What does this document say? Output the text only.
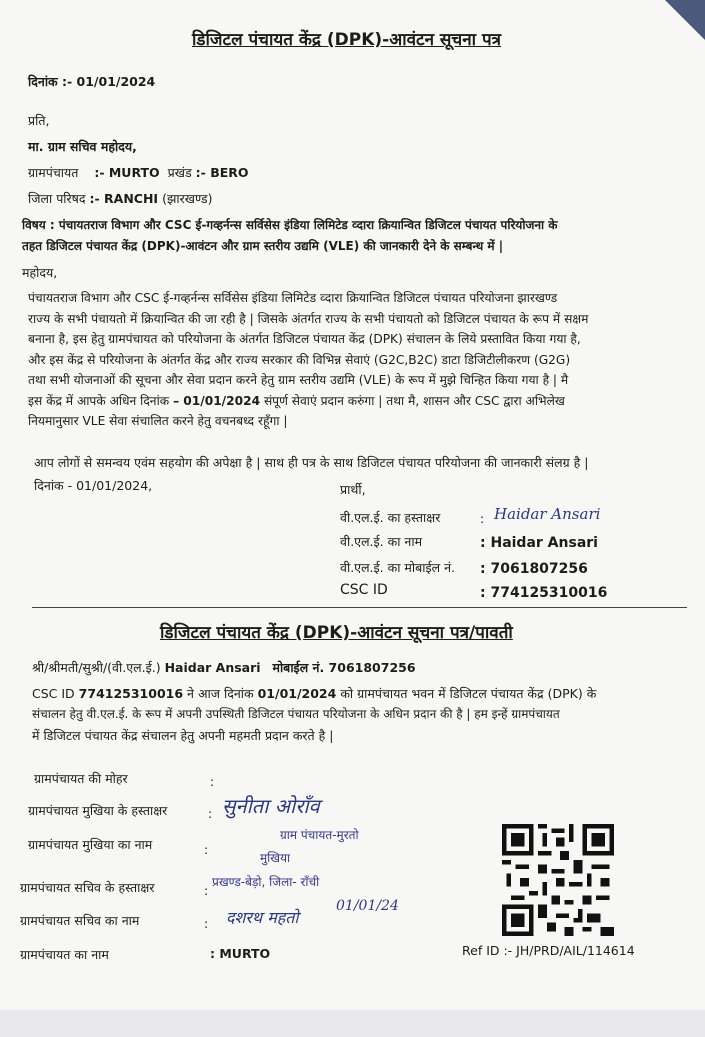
डिजिटल पंचायत केंद्र (DPK)-आवंटन सूचना पत्र
दिनांक :- 01/01/2024
प्रति,
मा. ग्राम सचिव महोदय,
ग्रामपंचायत :- MURTO प्रखंड :- BERO
जिला परिषद :- RANCHI (झारखण्ड)
विषय : पंचायतराज विभाग और CSC ई-गव्हर्नन्स सर्विसेस इंडिया लिमिटेड व्दारा क्रियान्वित डिजिटल पंचायत परियोजना के
तहत डिजिटल पंचायत केंद्र (DPK)-आवंटन और ग्राम स्तरीय उद्यमि (VLE) की जानकारी देने के सम्बन्ध में |
महोदय,
पंचायतराज विभाग और CSC ई-गव्हर्नन्स सर्विसेस इंडिया लिमिटेड व्दारा क्रियान्वित डिजिटल पंचायत परियोजना झारखण्ड
राज्य के सभी पंचायतो में क्रियान्वित की जा रही है | जिसके अंतर्गत राज्य के सभी पंचायतो को डिजिटल पंचायत के रूप में सक्षम
बनाना है, इस हेतु ग्रामपंचायत को परियोजना के अंतर्गत डिजिटल पंचायत केंद्र (DPK) संचालन के लिये प्रस्तावित किया गया है,
और इस केंद्र से परियोजना के अंतर्गत केंद्र और राज्य सरकार की विभिन्न सेवाएं (G2C,B2C) डाटा डिजिटीलीकरण (G2G)
तथा सभी योजनाओं की सूचना और सेवा प्रदान करने हेतु ग्राम स्तरीय उद्यमि (VLE) के रूप में मुझे चिन्हित किया गया है | मै
इस केंद्र में आपके अधिन दिनांक – 01/01/2024 संपूर्ण सेवाएं प्रदान करुंगा | तथा मै, शासन और CSC द्वारा अभिलेख
नियमानुसार VLE सेवा संचालित करने हेतु वचनबध्द रहूँगा |
आप लोगों से समन्वय एवंम सहयोग की अपेक्षा है | साथ ही पत्र के साथ डिजिटल पंचायत परियोजना की जानकारी संलग्र है |
दिनांक - 01/01/2024,	प्रार्थी,
वी.एल.ई. का हस्ताक्षर	: Haidar Ansari
वी.एल.ई. का नाम	: Haidar Ansari
वी.एल.ई. का मोबाईल नं. : 7061807256
CSC ID	: 774125310016
डिजिटल पंचायत केंद्र (DPK)-आवंटन सूचना पत्र/पावती
श्री/श्रीमती/सुश्री/(वी.एल.ई.) Haidar Ansari मोबाईल नं. 7061807256
CSC ID 774125310016 ने आज दिनांक 01/01/2024 को ग्रामपंचायत भवन में डिजिटल पंचायत केंद्र (DPK) के
संचालन हेतु वी.एल.ई. के रूप में अपनी उपस्थिती डिजिटल पंचायत परियोजना के अधिन प्रदान की है | हम इन्हें ग्रामपंचायत
में डिजिटल पंचायत केंद्र संचालन हेतु अपनी महमती प्रदान करते है |
ग्रामपंचायत की मोहर	:
ग्रामपंचायत मुखिया के हस्ताक्षर	: सुनीता ओराँव
ग्रामपंचायत मुखिया का नाम	:
ग्राम पंचायत-मुरतो
मुखिया
ग्रामपंचायत सचिव के हस्ताक्षर	:
प्रखण्ड-बेड़ो, जिला- राँची
ग्रामपंचायत सचिव का नाम	: दशरथ महतो
01/01/24
ग्रामपंचायत का नाम	: MURTO	Ref ID :- JH/PRD/AIL/114614
